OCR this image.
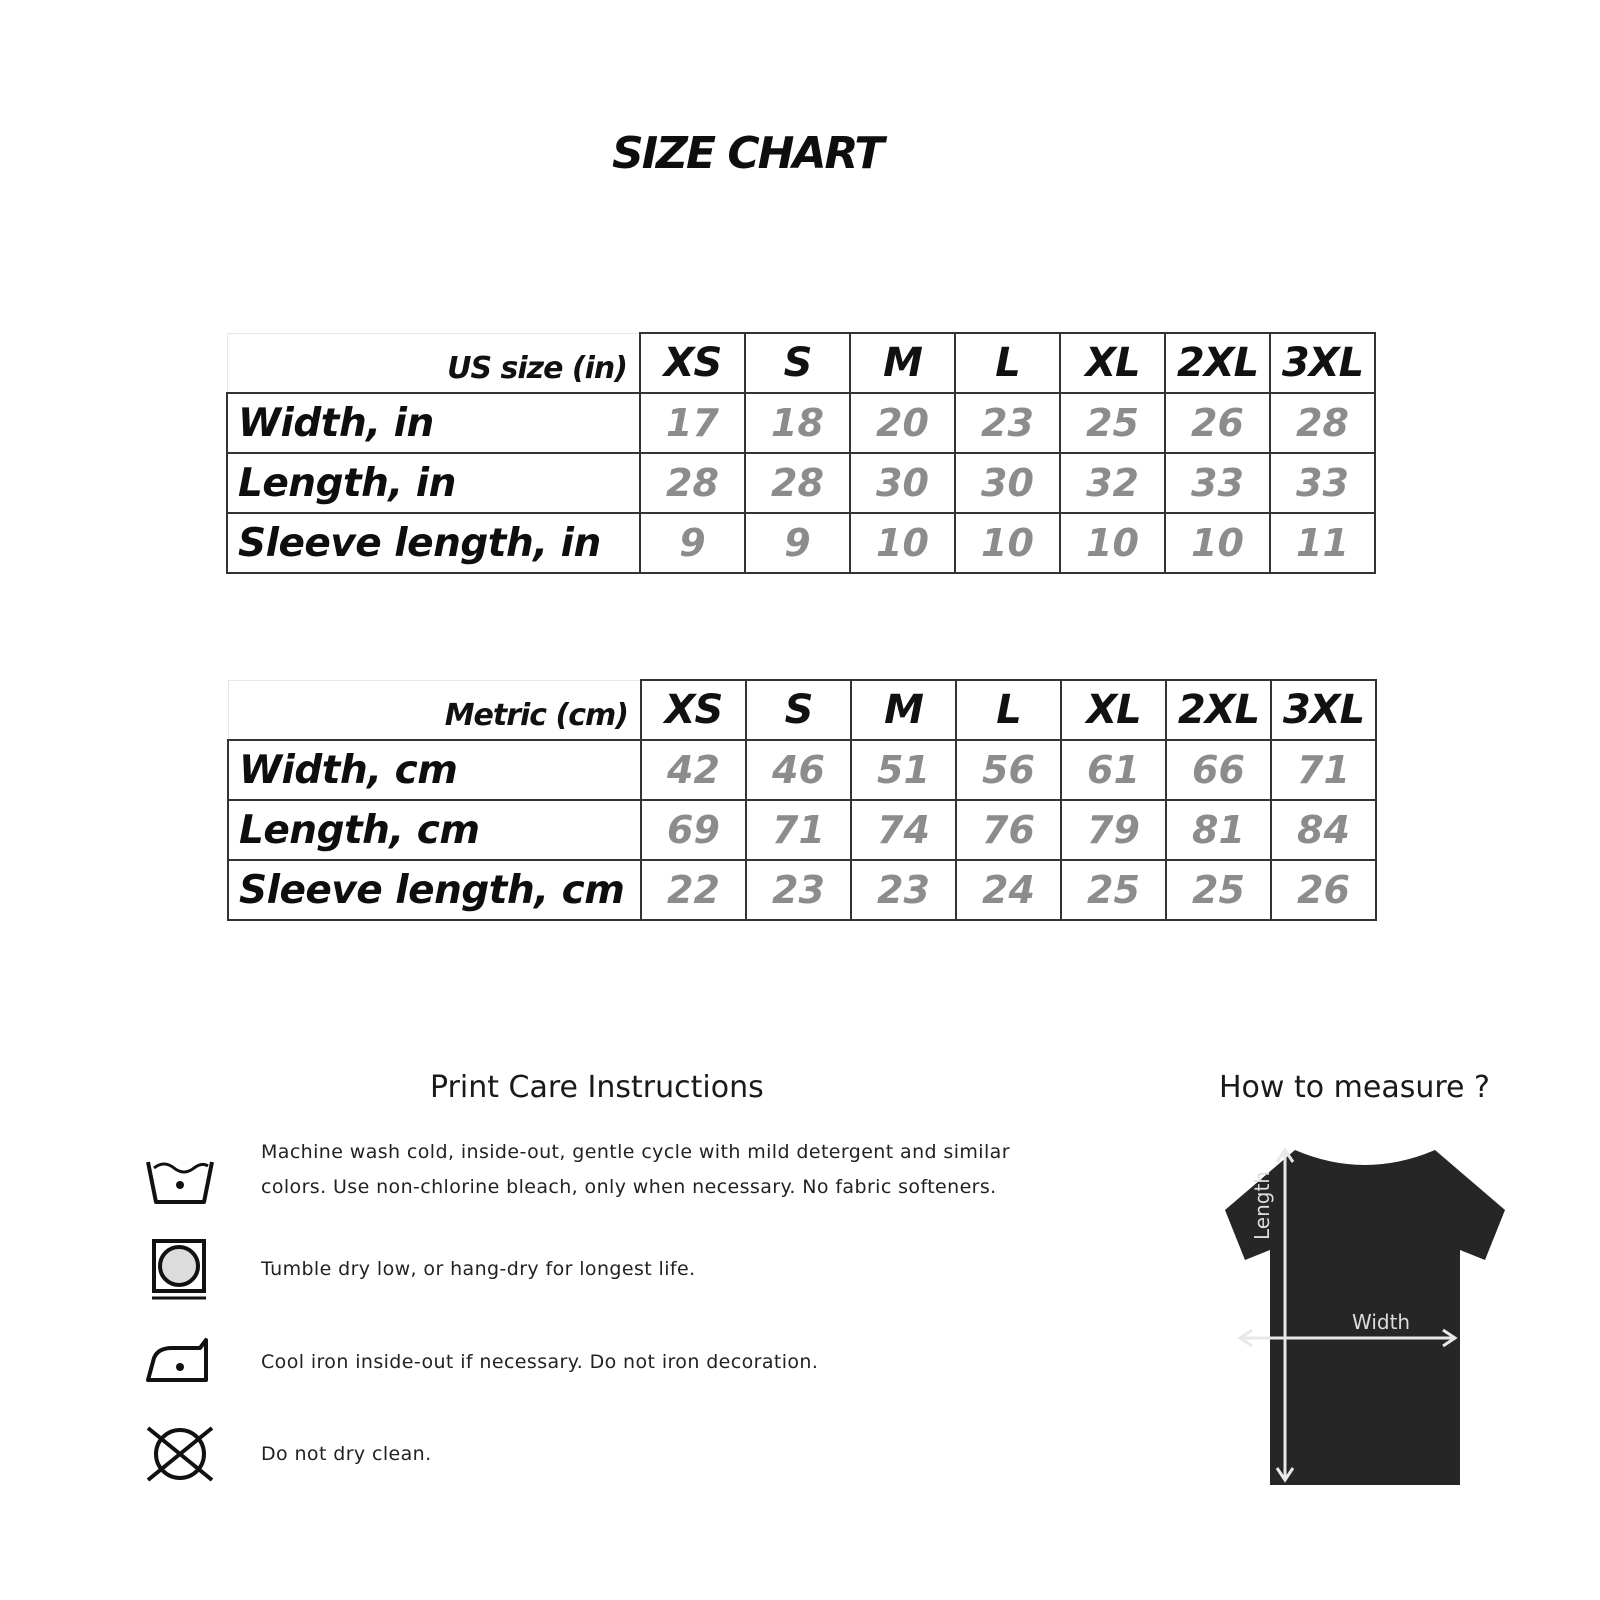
SIZE CHART
US size (in)	XS	S	M	L	XL	2XL	3XL
Width, in	17	18	20	23	25	26	28
Length, in	28	28	30	30	32	33	33
Sleeve length, in	9	9	10	10	10	10	11
Metric (cm)	XS	S	M	L	XL	2XL	3XL
Width, cm	42	46	51	56	61	66	71
Length, cm	69	71	74	76	79	81	84
Sleeve length, cm	22	23	23	24	25	25	26
Print Care Instructions
Machine wash cold, inside-out, gentle cycle with mild detergent and similar
colors. Use non-chlorine bleach, only when necessary. No fabric softeners.
Tumble dry low, or hang-dry for longest life.
Cool iron inside-out if necessary. Do not iron decoration.
Do not dry clean.
How to measure ?
Width
Length
